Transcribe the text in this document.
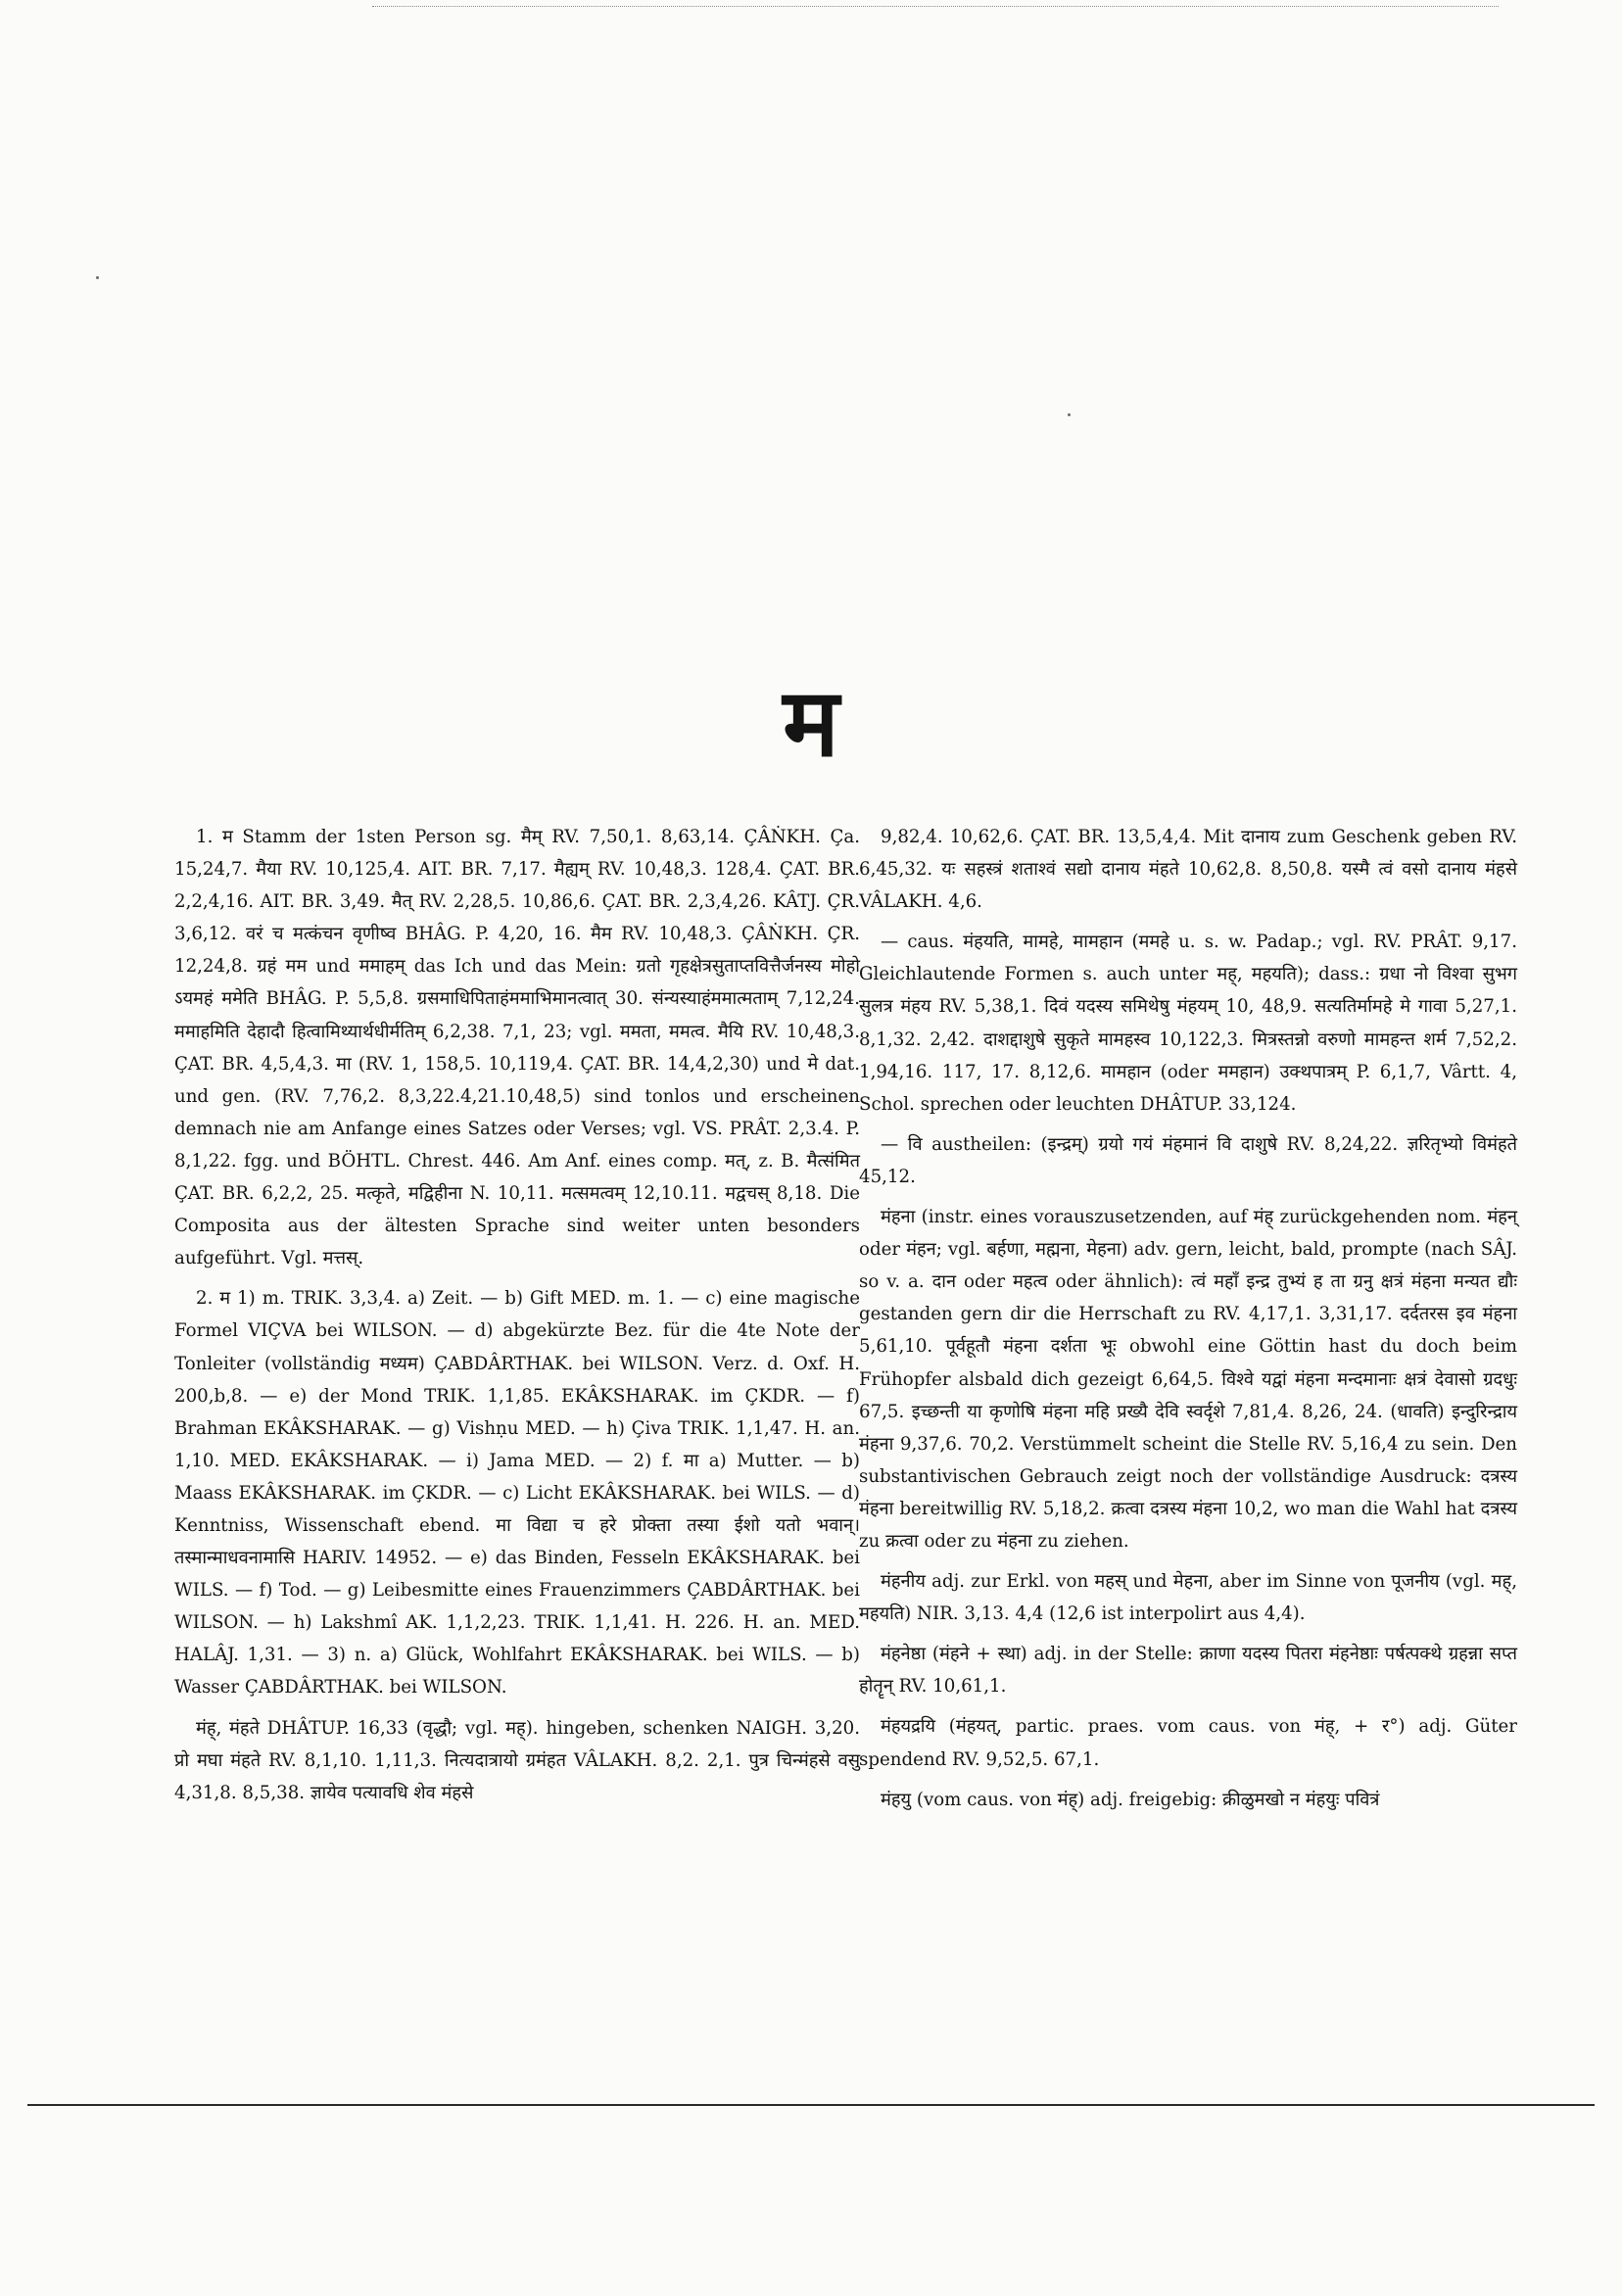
म

1. म Stamm der 1sten Person sg. मैम् RV. 7,50,1. 8,63,14. ÇÂṄKH. Ça. 15,24,7. मैया RV. 10,125,4. AIT. BR. 7,17. मैह्यम् RV. 10,48,3. 128,4. ÇAT. BR. 2,2,4,16. AIT. BR. 3,49. मैत् RV. 2,28,5. 10,86,6. ÇAT. BR. 2,3,4,26. KÂTJ. ÇR. 3,6,12. वरं च मत्कंचन वृणीष्व BHÂG. P. 4,20, 16. मैम RV. 10,48,3. ÇÂṄKH. ÇR. 12,24,8. ग्रहं मम und ममाहम् das Ich und das Mein: ग्रतो गृहक्षेत्रसुताप्तवित्तैर्जनस्य मोहो ऽयमहं ममेति BHÂG. P. 5,5,8. ग्रसमाधिपिताहंममाभिमानत्वात् 30. संन्यस्याहंममात्मताम् 7,12,24. ममाहमिति देहादौ हित्वामिथ्यार्थधीर्मतिम् 6,2,38. 7,1, 23; vgl. ममता, ममत्व. मैयि RV. 10,48,3. ÇAT. BR. 4,5,4,3. मा (RV. 1, 158,5. 10,119,4. ÇAT. BR. 14,4,2,30) und मे dat. und gen. (RV. 7,76,2. 8,3,22.4,21.10,48,5) sind tonlos und erscheinen demnach nie am Anfange eines Satzes oder Verses; vgl. VS. PRÂT. 2,3.4. P. 8,1,22. fgg. und BÖHTL. Chrest. 446. Am Anf. eines comp. मत्, z. B. मैत्संमित ÇAT. BR. 6,2,2, 25. मत्कृते, मद्विहीना N. 10,11. मत्समत्वम् 12,10.11. मद्वचस् 8,18. Die Composita aus der ältesten Sprache sind weiter unten besonders aufgeführt. Vgl. मत्तस्.

2. म 1) m. TRIK. 3,3,4. a) Zeit. — b) Gift MED. m. 1. — c) eine magische Formel VIÇVA bei WILSON. — d) abgekürzte Bez. für die 4te Note der Tonleiter (vollständig मध्यम) ÇABDÂRTHAK. bei WILSON. Verz. d. Oxf. H. 200,b,8. — e) der Mond TRIK. 1,1,85. EKÂKSHARAK. im ÇKDR. — f) Brahman EKÂKSHARAK. — g) Vishṇu MED. — h) Çiva TRIK. 1,1,47. H. an. 1,10. MED. EKÂKSHARAK. — i) Jama MED. — 2) f. मा a) Mutter. — b) Maass EKÂKSHARAK. im ÇKDR. — c) Licht EKÂKSHARAK. bei WILS. — d) Kenntniss, Wissenschaft ebend. मा विद्या च हरे प्रोक्ता तस्या ईशो यतो भवान्। तस्मान्माधवनामासि HARIV. 14952. — e) das Binden, Fesseln EKÂKSHARAK. bei WILS. — f) Tod. — g) Leibesmitte eines Frauenzimmers ÇABDÂRTHAK. bei WILSON. — h) Lakshmî AK. 1,1,2,23. TRIK. 1,1,41. H. 226. H. an. MED. HALÂJ. 1,31. — 3) n. a) Glück, Wohlfahrt EKÂKSHARAK. bei WILS. — b) Wasser ÇABDÂRTHAK. bei WILSON.

मंह्, मंहते DHÂTUP. 16,33 (वृद्धौ; vgl. मह्). hingeben, schenken NAIGH. 3,20. प्रो मघा मंहते RV. 8,1,10. 1,11,3. नित्यदात्रायो ग्रमंहत VÂLAKH. 8,2. 2,1. पुत्र चिन्मंहसे वसु 4,31,8. 8,5,38. ज्ञायेव पत्यावधि शेव मंहसे

9,82,4. 10,62,6. ÇAT. BR. 13,5,4,4. Mit दानाय zum Geschenk geben RV. 6,45,32. यः सहस्त्रं शताश्वं सद्यो दानाय मंहते 10,62,8. 8,50,8. यस्मै त्वं वसो दानाय मंहसे VÂLAKH. 4,6.

— caus. मंहयति, मामहे, मामहान (ममहे u. s. w. Padap.; vgl. RV. PRÂT. 9,17. Gleichlautende Formen s. auch unter मह्, महयति); dass.: ग्रधा नो विश्वा सुभग सुलत्र मंहय RV. 5,38,1. दिवं यदस्य समिथेषु मंहयम् 10, 48,9. सत्यतिर्मामहे मे गावा 5,27,1. 8,1,32. 2,42. दाशद्दाशुषे सुकृते मामहस्व 10,122,3. मित्रस्तन्नो वरुणो मामहन्त शर्म 7,52,2. 1,94,16. 117, 17. 8,12,6. मामहान (oder ममहान) उक्थपात्रम् P. 6,1,7, Vârtt. 4, Schol. sprechen oder leuchten DHÂTUP. 33,124.

— वि austheilen: (इन्द्रम्) ग्रयो गयं मंहमानं वि दाशुषे RV. 8,24,22. ज्ञरितृभ्यो विमंहते 45,12.

मंहना (instr. eines vorauszusetzenden, auf मंह् zurückgehenden nom. मंहन् oder मंहन; vgl. बर्हणा, मह्मना, मेहना) adv. gern, leicht, bald, prompte (nach SÂJ. so v. a. दान oder महत्व oder ähnlich): त्वं महाँ इन्द्र तुभ्यं ह ता ग्रनु क्षत्रं मंहना मन्यत द्यौः gestanden gern dir die Herrschaft zu RV. 4,17,1. 3,31,17. दर्दतरस इव मंहना 5,61,10. पूर्वहूतौ मंहना दर्शता भूः obwohl eine Göttin hast du doch beim Frühopfer alsbald dich gezeigt 6,64,5. विश्वे यद्वां मंहना मन्दमानाः क्षत्रं देवासो ग्रदधुः 67,5. इच्छन्ती या कृणोषि मंहना महि प्रख्यै देवि स्वर्दृशे 7,81,4. 8,26, 24. (धावति) इन्दुरिन्द्राय मंहना 9,37,6. 70,2. Verstümmelt scheint die Stelle RV. 5,16,4 zu sein. Den substantivischen Gebrauch zeigt noch der vollständige Ausdruck: दत्रस्य मंहना bereitwillig RV. 5,18,2. क्रत्वा दत्रस्य मंहना 10,2, wo man die Wahl hat दत्रस्य zu क्रत्वा oder zu मंहना zu ziehen.

मंहनीय adj. zur Erkl. von महस् und मेहना, aber im Sinne von पूजनीय (vgl. मह्, महयति) NIR. 3,13. 4,4 (12,6 ist interpolirt aus 4,4).

मंहनेष्ठा (मंहने + स्था) adj. in der Stelle: क्राणा यदस्य पितरा मंहनेष्ठाः पर्षत्पक्थे ग्रहन्ना सप्त होतॄन् RV. 10,61,1.

मंहयद्रयि (मंहयत्, partic. praes. vom caus. von मंह्, + र°) adj. Güter spendend RV. 9,52,5. 67,1.

मंहयु (vom caus. von मंह्) adj. freigebig: क्रीळुमखो न मंहयुः पवित्रं
